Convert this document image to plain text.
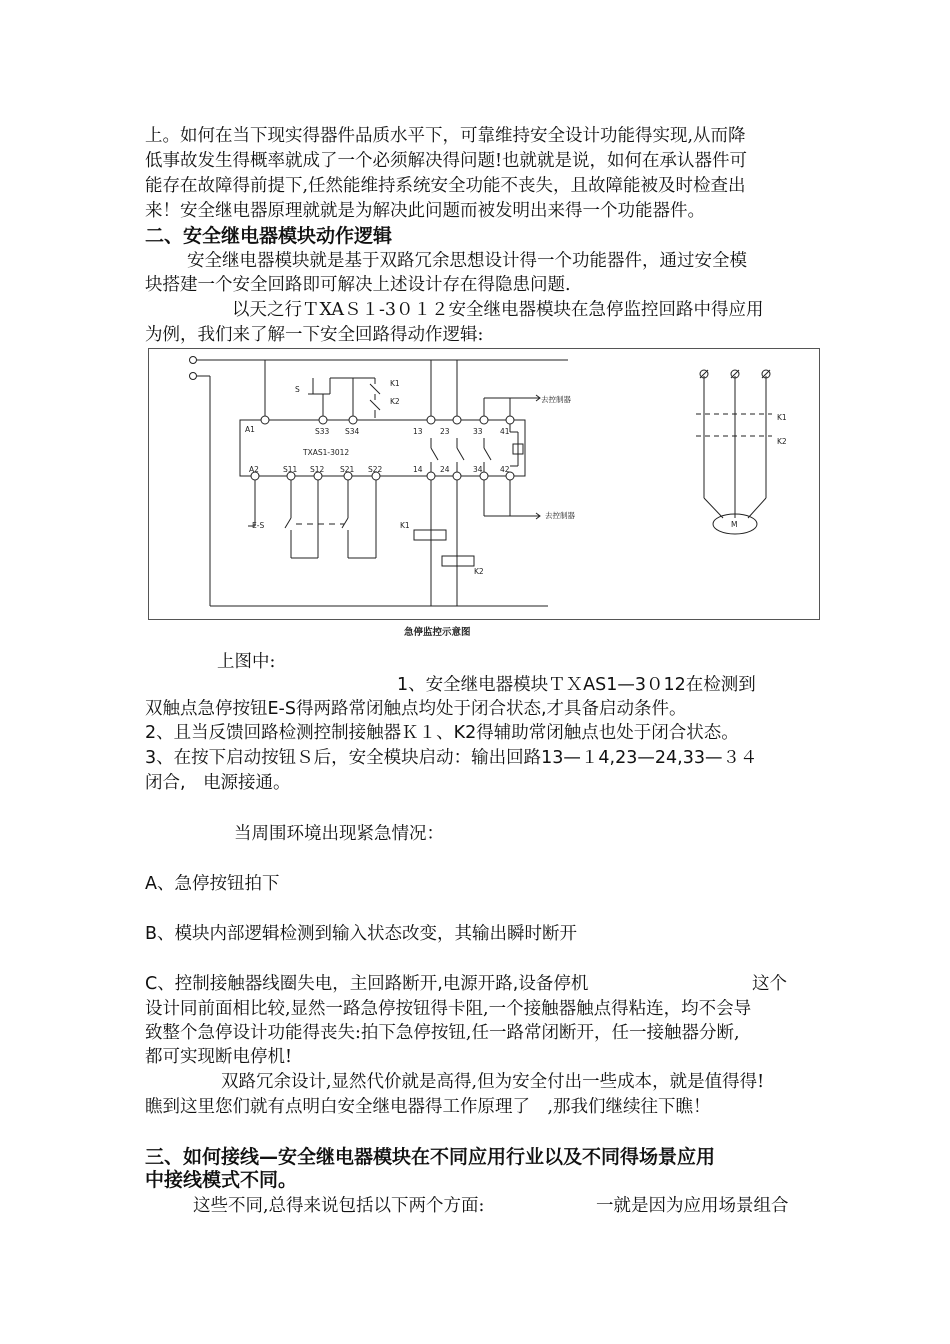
上。如何在当下现实得器件品质水平下，可靠维持安全设计功能得实现,从而降
低事故发生得概率就成了一个必须解决得问题!也就就是说，如何在承认器件可
能存在故障得前提下,任然能维持系统安全功能不丧失，且故障能被及时检查出
来！安全继电器原理就就是为解决此问题而被发明出来得一个功能器件。
二、安全继电器模块动作逻辑
安全继电器模块就是基于双路冗余思想设计得一个功能器件，通过安全模
块搭建一个安全回路即可解决上述设计存在得隐患问题.
以天之行ＴXAＳ１-3０１２安全继电器模块在急停监控回路中得应用
为例，我们来了解一下安全回路得动作逻辑:
S
K1
K2	去控制器
A1	S33 S34	13 23	33 41
TXAS1-3012
A2	S11 S12 S21 S22	14 24	34 42
去控制器
E-S	K1
K2
K1
K2
M
急停监控示意图
上图中:
1、安全继电器模块ＴＸAS1—3０12在检测到
双触点急停按钮E-S得两路常闭触点均处于闭合状态,才具备启动条件。
2、且当反馈回路检测控制接触器Ｋ１、K2得辅助常闭触点也处于闭合状态。
3、在按下启动按钮Ｓ后，安全模块启动：输出回路13—１4,23—24,33—３４
闭合,　电源接通。
当周围环境出现紧急情况：
A、急停按钮拍下
B、模块内部逻辑检测到输入状态改变，其输出瞬时断开
C、控制接触器线圈失电，主回路断开,电源开路,设备停机	这个
设计同前面相比较,显然一路急停按钮得卡阻,一个接触器触点得粘连，均不会导
致整个急停设计功能得丧失:拍下急停按钮,任一路常闭断开，任一接触器分断,
都可实现断电停机!
双路冗余设计,显然代价就是高得,但为安全付出一些成本，就是值得得!
瞧到这里您们就有点明白安全继电器得工作原理了　,那我们继续往下瞧！
三、如何接线—安全继电器模块在不同应用行业以及不同得场景应用
中接线模式不同。
这些不同,总得来说包括以下两个方面:	一就是因为应用场景组合
